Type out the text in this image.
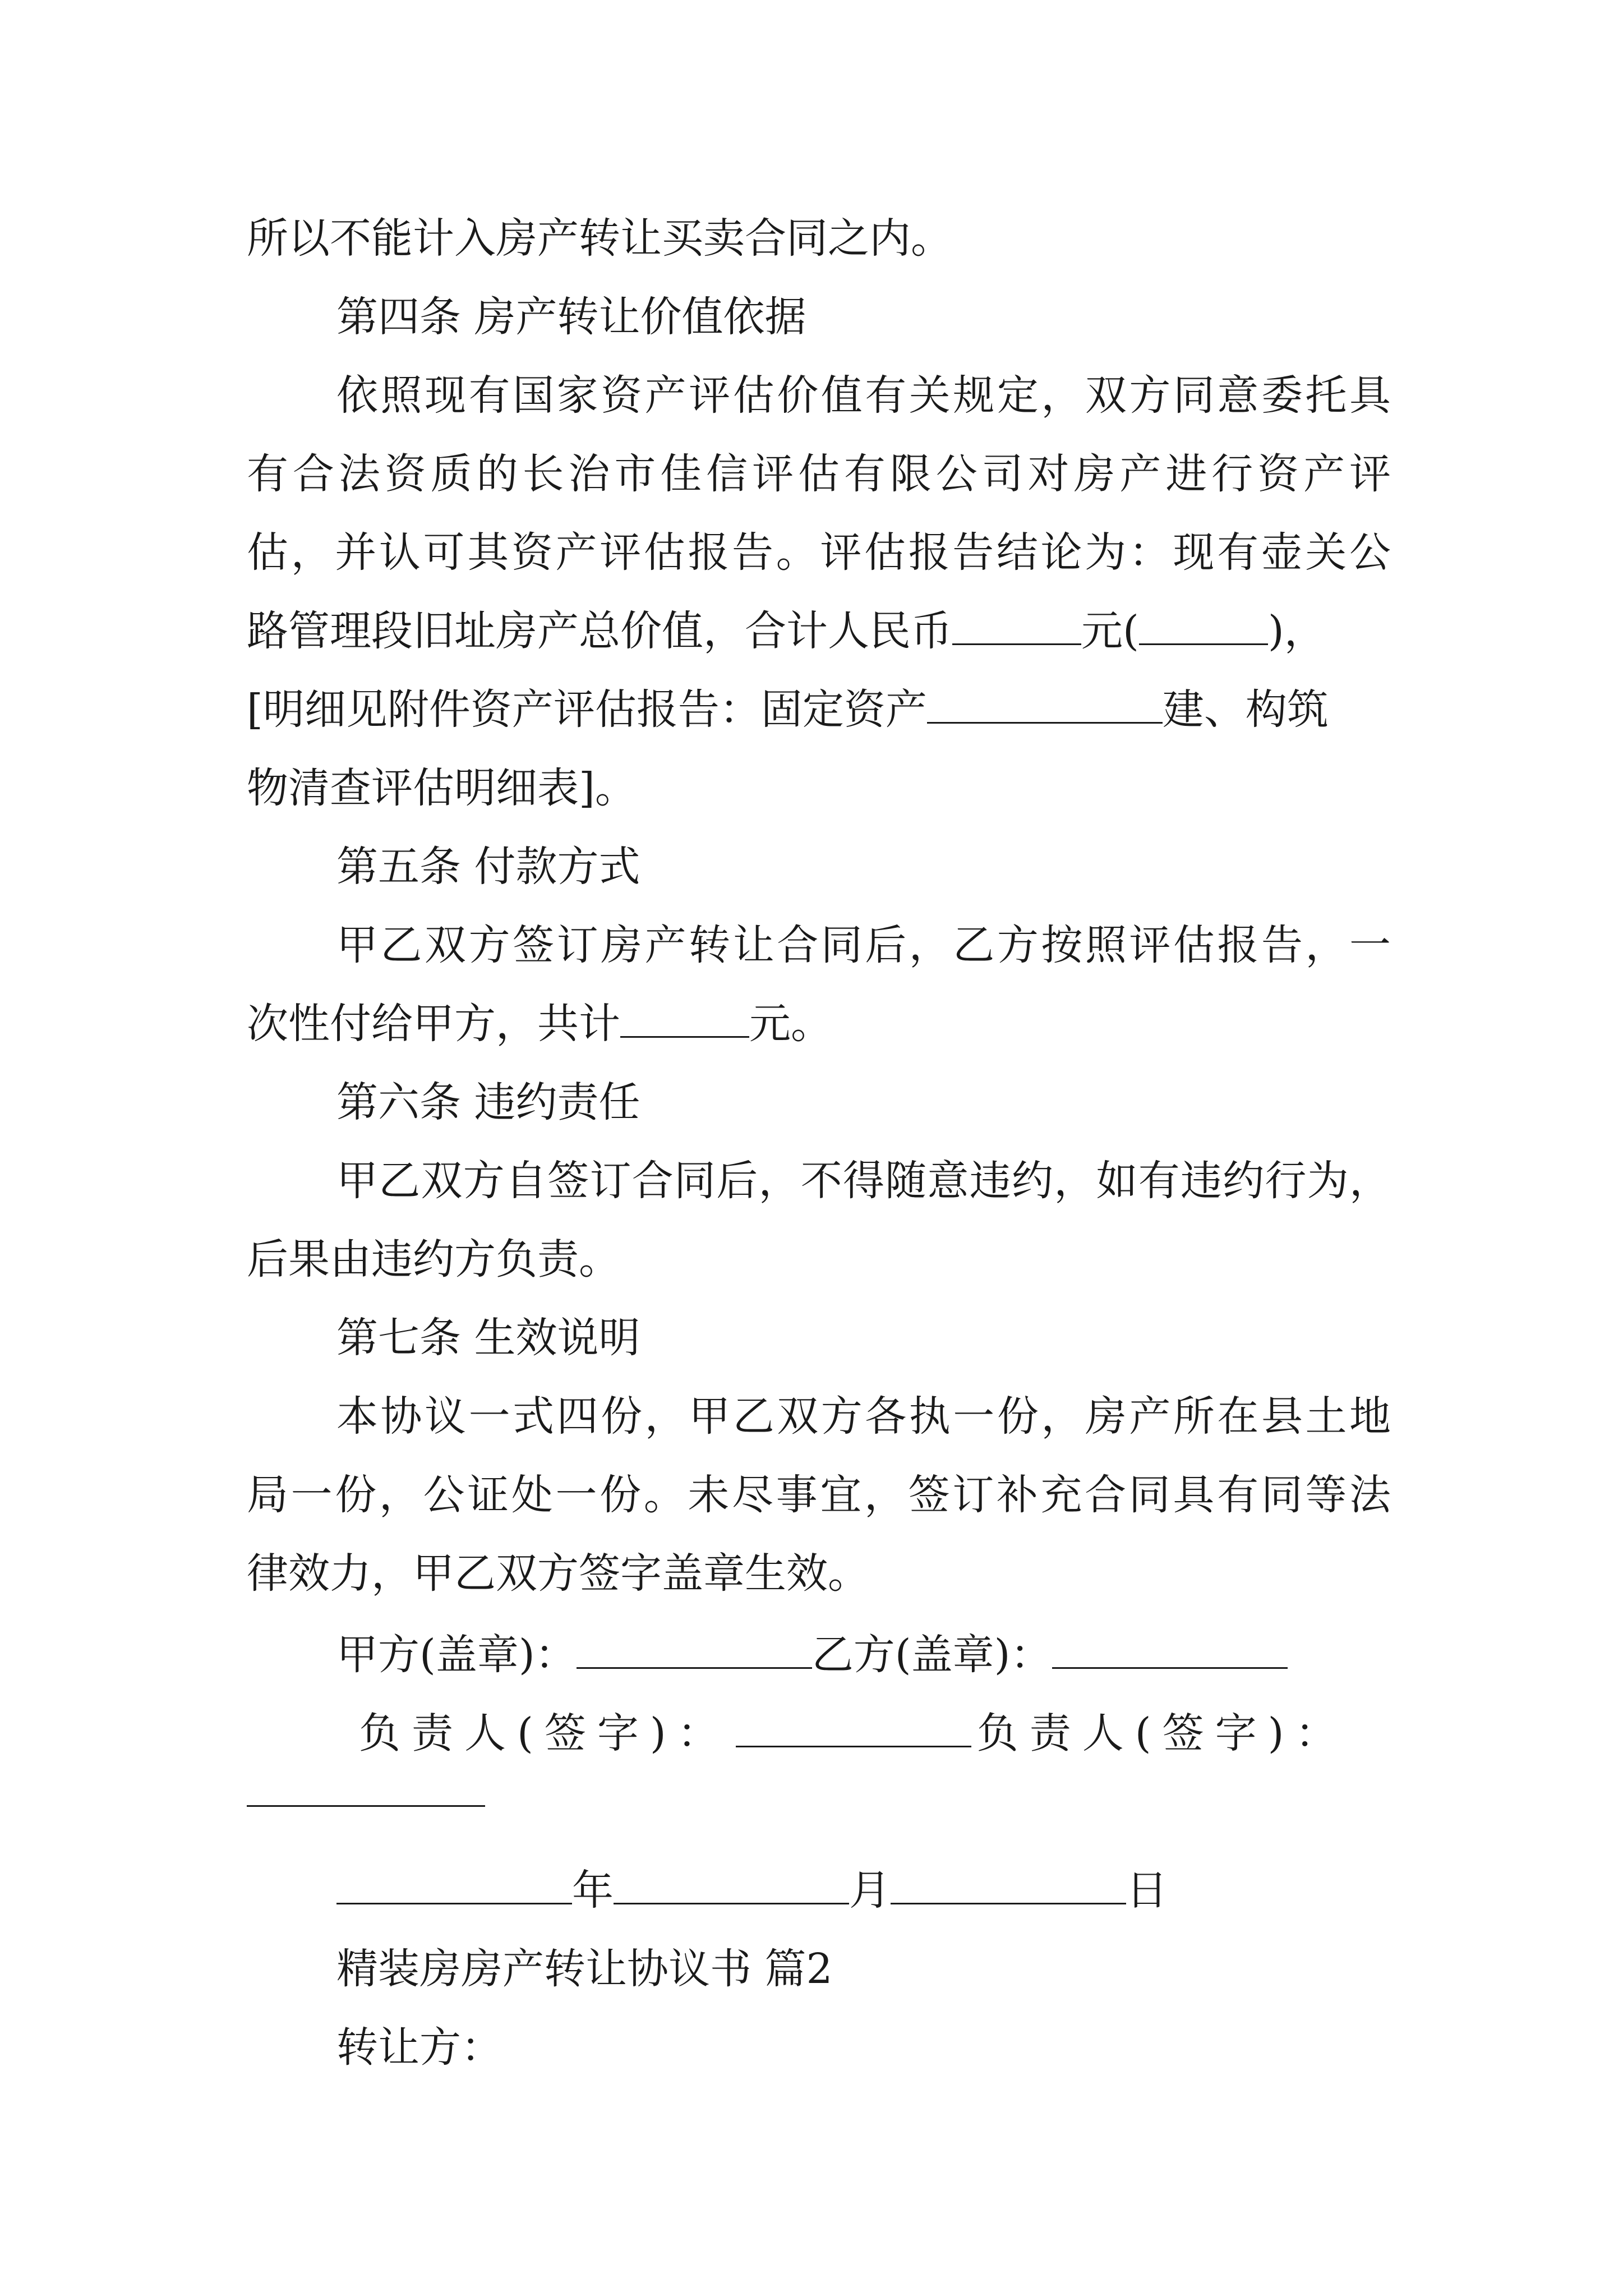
所以不能计入房产转让买卖合同之内。
第四条 房产转让价值依据
依照现有国家资产评估价值有关规定，双方同意委托具
有合法资质的长治市佳信评估有限公司对房产进行资产评
估，并认可其资产评估报告。评估报告结论为：现有壶关公
路管理段旧址房产总价值，合计人民币	元(	)，
[明细见附件资产评估报告：固定资产	建、构筑
物清查评估明细表]。
第五条 付款方式
甲乙双方签订房产转让合同后，乙方按照评估报告，一
次性付给甲方，共计	元。
第六条 违约责任
甲乙双方自签订合同后，不得随意违约，如有违约行为，
后果由违约方负责。
第七条 生效说明
本协议一式四份，甲乙双方各执一份，房产所在县土地
局一份，公证处一份。未尽事宜，签订补充合同具有同等法
律效力，甲乙双方签字盖章生效。
甲方(盖章)：	乙方(盖章)：
负责人(签字)：	负责人(签字)：
年	月	日
精装房房产转让协议书 篇2
转让方：
